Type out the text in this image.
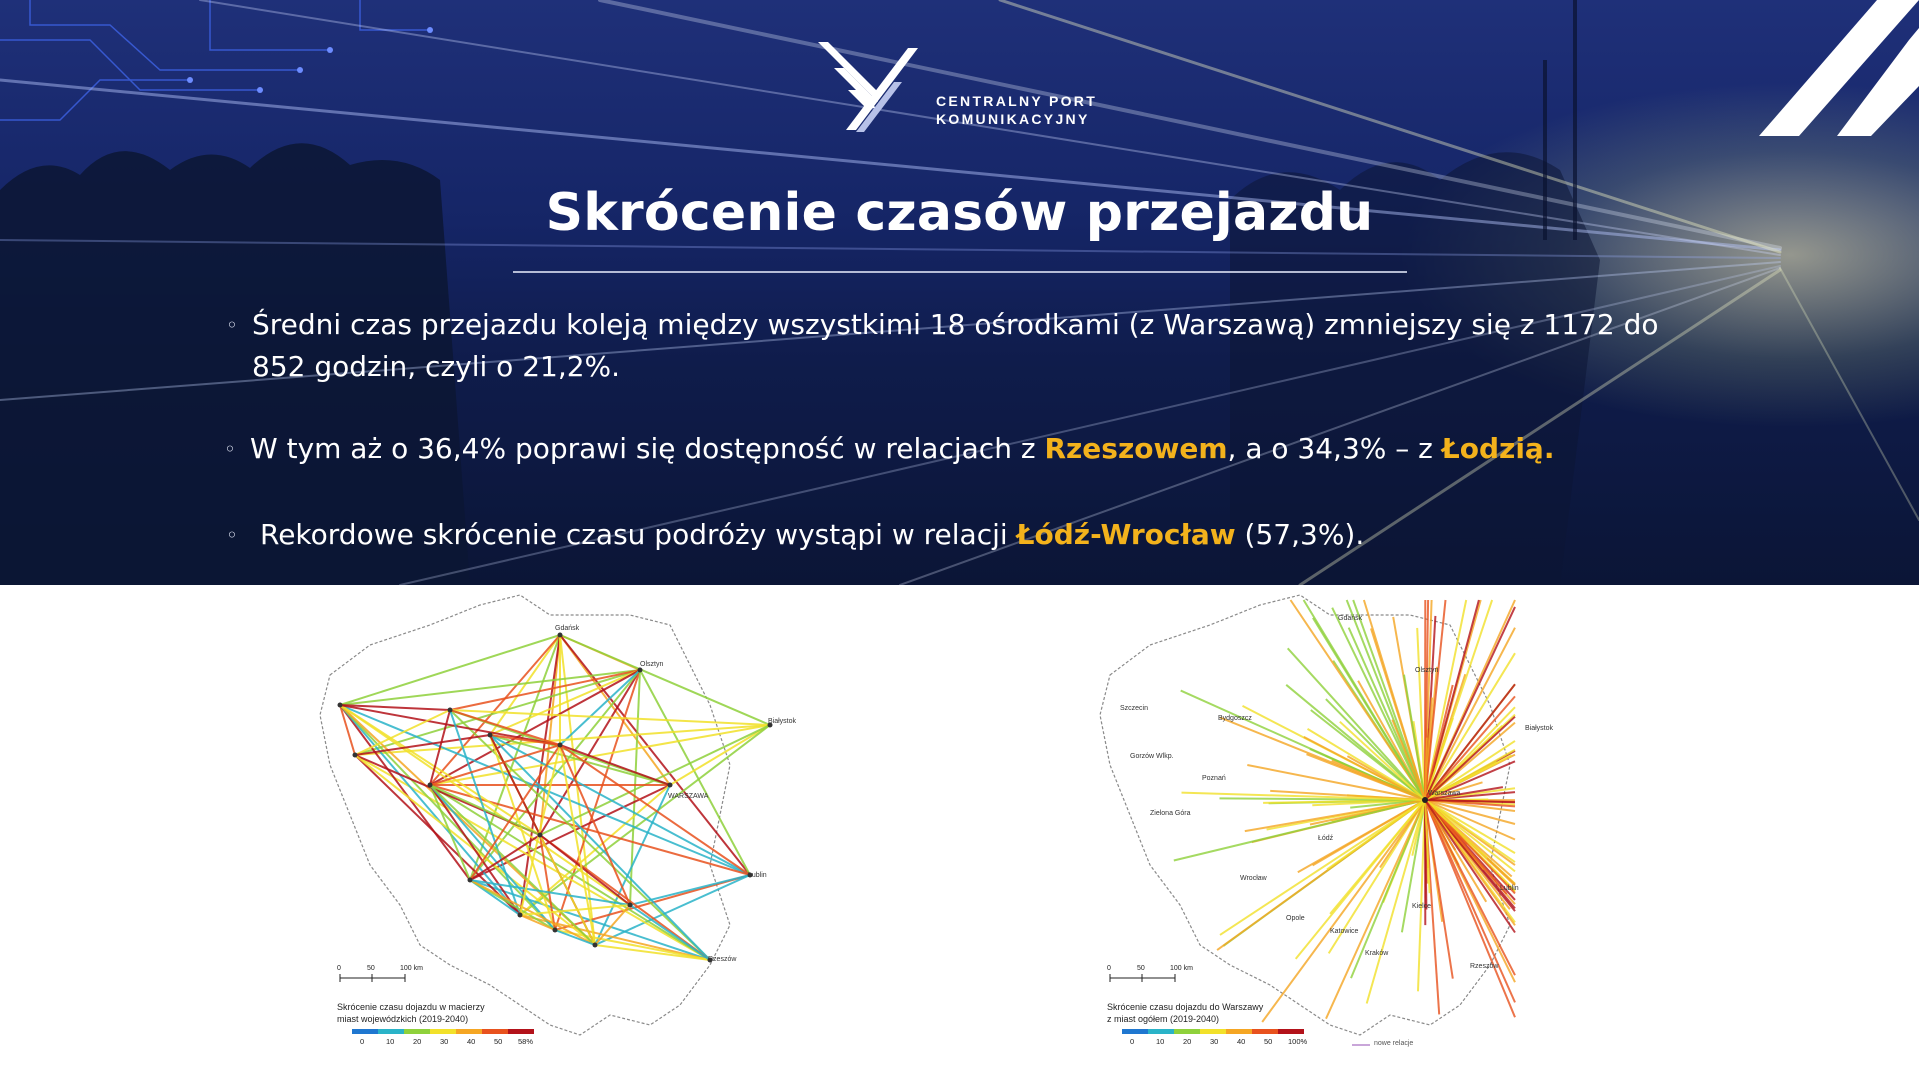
CENTRALNY PORT
KOMUNIKACYJNY
Skrócenie czasów przejazdu
◦ Średni czas przejazdu koleją między wszystkimi 18 ośrodkami (z Warszawą) zmniejszy się z 1172 do 852 godzin, czyli o 21,2%.
◦ W tym aż o 36,4% poprawi się dostępność w relacjach z Rzeszowem, a o 34,3% – z Łodzią.
◦ Rekordowe skrócenie czasu podróży wystąpi w relacji Łódź-Wrocław (57,3%).
0	50	100 km
Skrócenie czasu dojazdu w macierzy
miast wojewódzkich (2019-2040)
0	10 20 30 40 50 58%
Gdańsk
Olsztyn
Białystok
WARSZAWA
Lublin
Rzeszów
0	50	100 km
Skrócenie czasu dojazdu do Warszawy
z miast ogółem (2019-2040)
0	10 20 30 40 50 100%	nowe relacje
Gdańsk
Olsztyn
Białystok
Warszawa
Szczecin
Bydgoszcz
Poznań
Gorzów Wlkp.
Łódź
Lublin
Kielce
Katowice
Kraków
Rzeszów
Wrocław
Zielona Góra
Opole
